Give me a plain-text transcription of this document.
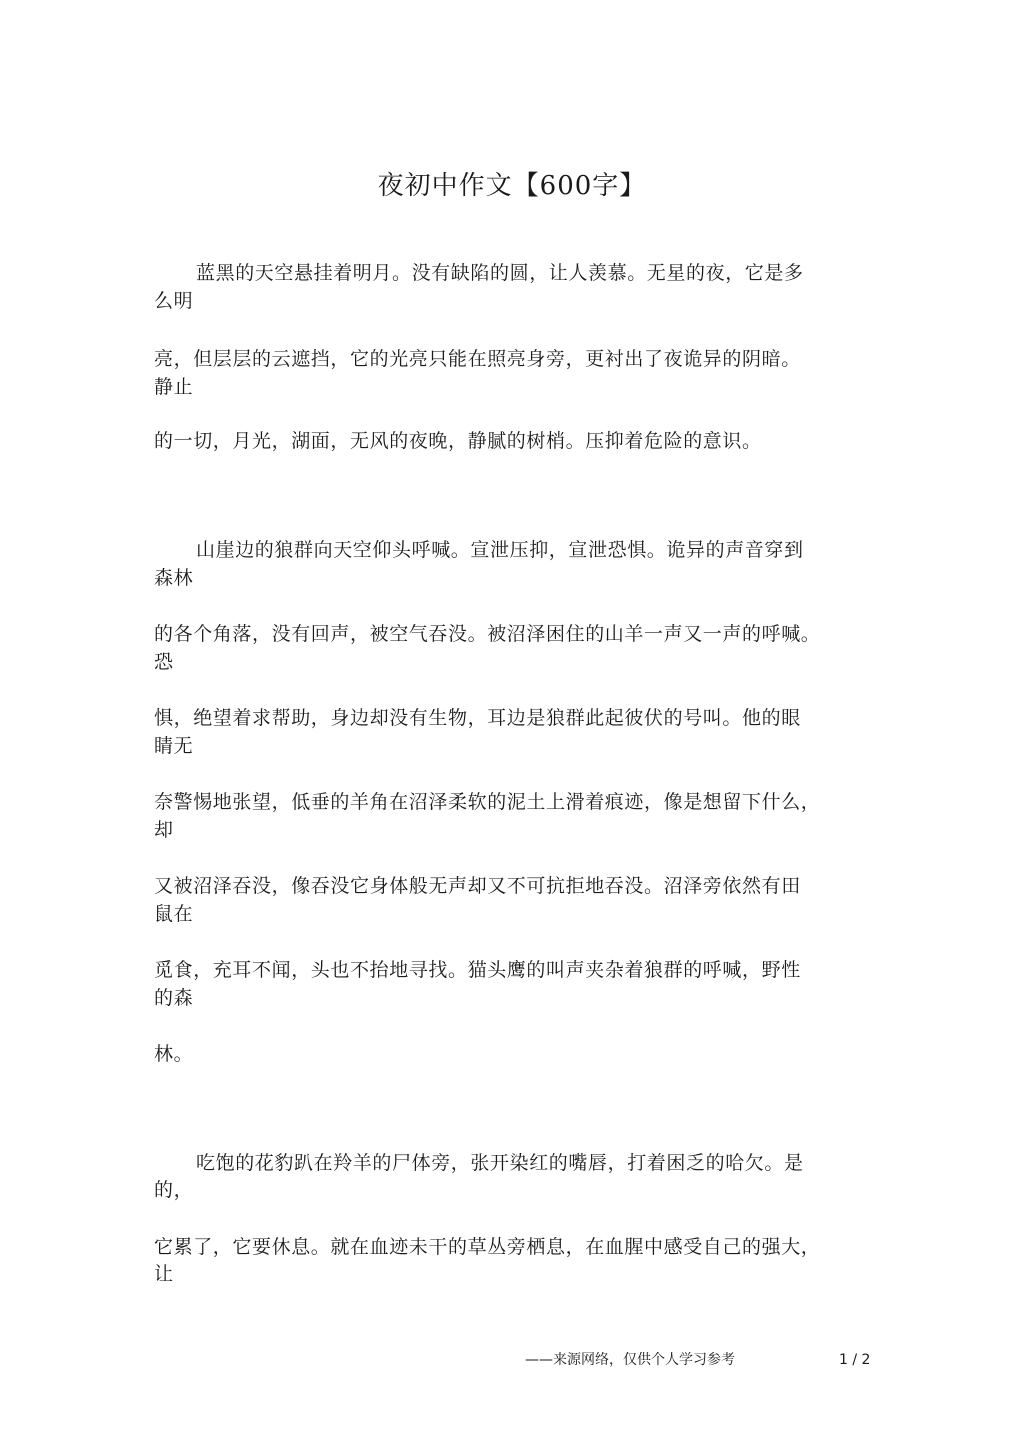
夜初中作文【600字】
蓝黑的天空悬挂着明月。没有缺陷的圆，让人羡慕。无星的夜，它是多
么明
亮，但层层的云遮挡，它的光亮只能在照亮身旁，更衬出了夜诡异的阴暗。
静止
的一切，月光，湖面，无风的夜晚，静腻的树梢。压抑着危险的意识。
山崖边的狼群向天空仰头呼喊。宣泄压抑，宣泄恐惧。诡异的声音穿到
森林
的各个角落，没有回声，被空气吞没。被沼泽困住的山羊一声又一声的呼喊。
恐
惧，绝望着求帮助，身边却没有生物，耳边是狼群此起彼伏的号叫。他的眼
睛无
奈警惕地张望，低垂的羊角在沼泽柔软的泥土上滑着痕迹，像是想留下什么，
却
又被沼泽吞没，像吞没它身体般无声却又不可抗拒地吞没。沼泽旁依然有田
鼠在
觅食，充耳不闻，头也不抬地寻找。猫头鹰的叫声夹杂着狼群的呼喊，野性
的森
林。
吃饱的花豹趴在羚羊的尸体旁，张开染红的嘴唇，打着困乏的哈欠。是
的，
它累了，它要休息。就在血迹未干的草丛旁栖息，在血腥中感受自己的强大，
让
——来源网络，仅供个人学习参考	1 / 2
